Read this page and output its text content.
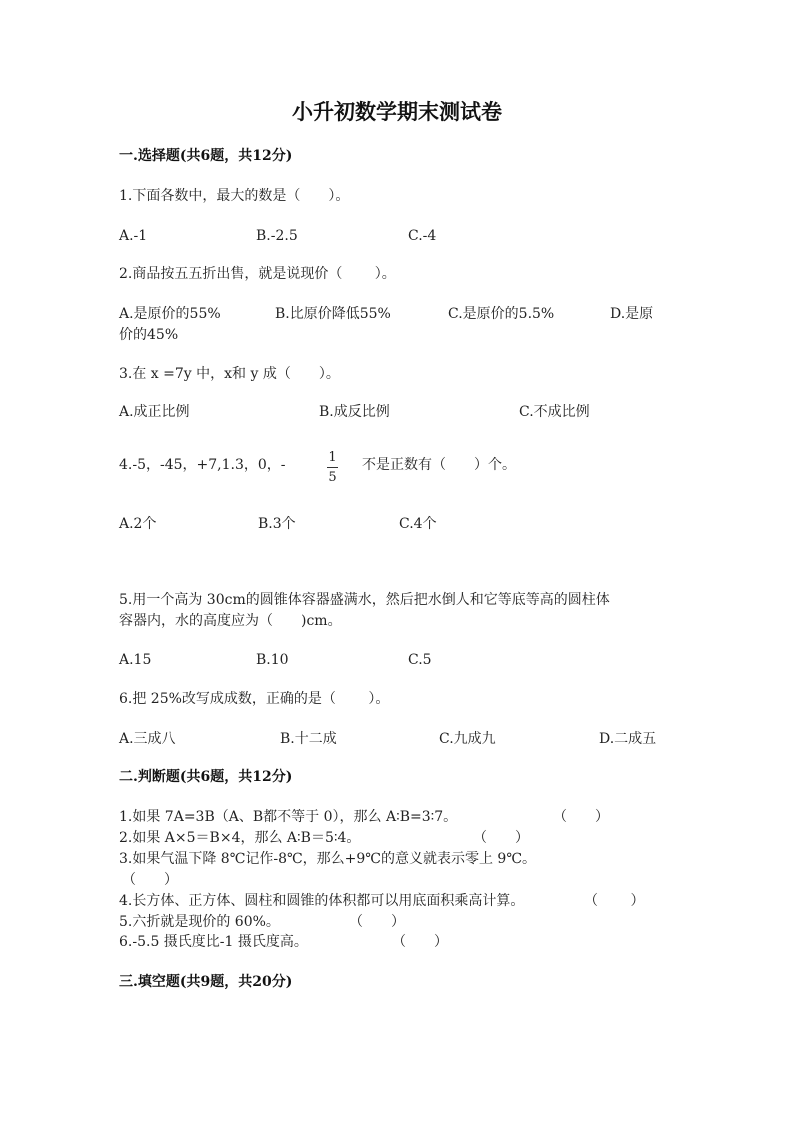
小升初数学期末测试卷
一.选择题(共6题，共12分)
1.下面各数中，最大的数是（　　）。
A.-1	B.-2.5	C.-4
2.商品按五五折出售，就是说现价（　　 ）。
A.是原价的55%	B.比原价降低55%	C.是原价的5.5%	D.是原
价的45%
3.在 x =7y 中，x和 y 成（　　）。
A.成正比例	B.成反比例	C.不成比例
4.-5，-45，+7,1.3，0，-	$\frac{1}{5}$ 不是正数有（　　）个。
A.2个	B.3个	C.4个
5.用一个高为 30cm的圆锥体容器盛满水，然后把水倒人和它等底等高的圆柱体
容器内，水的高度应为（　　)cm。
A.15	B.10	C.5
6.把 25%改写成成数，正确的是（　　 ）。
A.三成八	B.十二成	C.九成九	D.二成五
二.判断题(共6题，共12分)
1.如果 7A=3B（A、B都不等于 0），那么 A∶B=3∶7。	（　　）
2.如果 A×5＝B×4，那么 A∶B＝5∶4。	（　　）
3.如果气温下降 8℃记作-8℃，那么+9℃的意义就表示零上 9℃。
（　　）
4.长方体、正方体、圆柱和圆锥的体积都可以用底面积乘高计算。	（　　 ）
5.六折就是现价的 60%。	（　　）
6.-5.5 摄氏度比-1 摄氏度高。	（　　）
三.填空题(共9题，共20分)
